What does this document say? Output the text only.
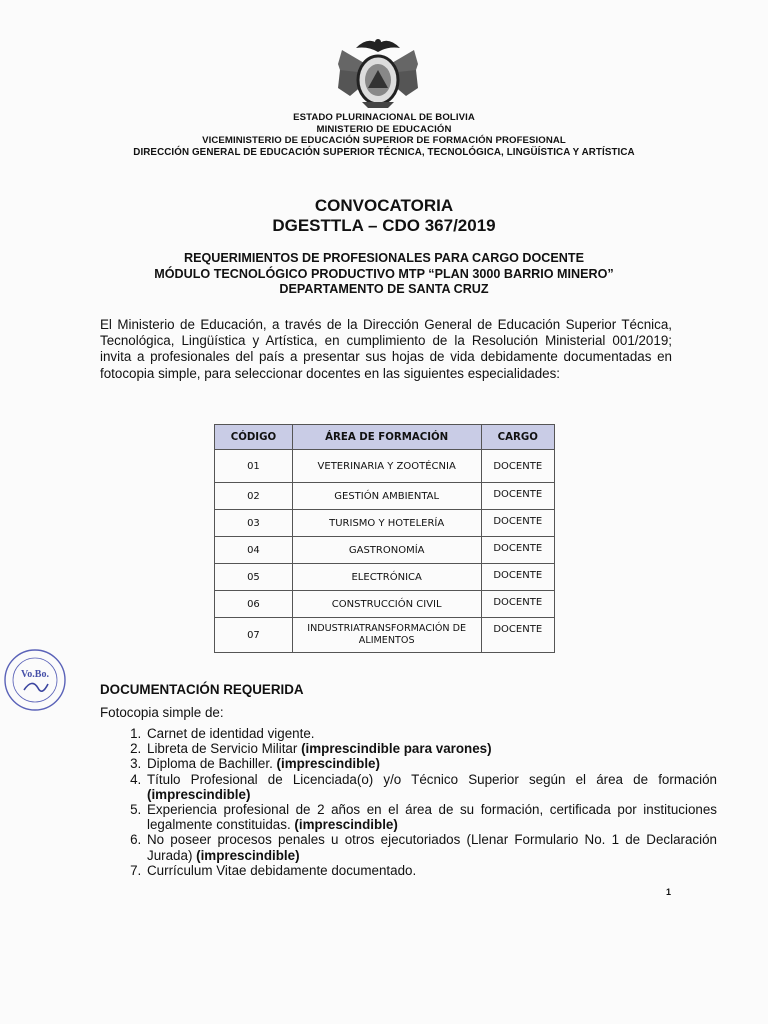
ESTADO PLURINACIONAL DE BOLIVIA
MINISTERIO DE EDUCACIÓN
VICEMINISTERIO DE EDUCACIÓN SUPERIOR DE FORMACIÓN PROFESIONAL
DIRECCIÓN GENERAL DE EDUCACIÓN SUPERIOR TÉCNICA, TECNOLÓGICA, LINGÜÍSTICA Y ARTÍSTICA
CONVOCATORIA
DGESTTLA – CDO 367/2019
REQUERIMIENTOS DE PROFESIONALES PARA CARGO DOCENTE
MÓDULO TECNOLÓGICO PRODUCTIVO MTP “PLAN 3000 BARRIO MINERO”
DEPARTAMENTO DE SANTA CRUZ

El Ministerio de Educación, a través de la Dirección General de Educación Superior Técnica, Tecnológica, Lingüística y Artística, en cumplimiento de la Resolución Ministerial 001/2019; invita a profesionales del país a presentar sus hojas de vida debidamente documentadas en fotocopia simple, para seleccionar docentes en las siguientes especialidades:

CÓDIGO	ÁREA DE FORMACIÓN	CARGO
01	VETERINARIA Y ZOOTÉCNIA	DOCENTE
02	GESTIÓN AMBIENTAL	DOCENTE
03	TURISMO Y HOTELERÍA	DOCENTE
04	GASTRONOMÍA	DOCENTE
05	ELECTRÓNICA	DOCENTE
06	CONSTRUCCIÓN CIVIL	DOCENTE
07	INDUSTRIATRANSFORMACIÓN DE ALIMENTOS	DOCENTE
Vo.Bo.
DOCUMENTACIÓN REQUERIDA
Fotocopia simple de:
1. Carnet de identidad vigente.
2. Libreta de Servicio Militar (imprescindible para varones)
3. Diploma de Bachiller. (imprescindible)
4. Título Profesional de Licenciada(o) y/o Técnico Superior según el área de formación (imprescindible)
5. Experiencia profesional de 2 años en el área de su formación, certificada por instituciones legalmente constituidas. (imprescindible)
6. No poseer procesos penales u otros ejecutoriados (Llenar Formulario No. 1 de Declaración Jurada) (imprescindible)
7. Currículum Vitae debidamente documentado.
1
